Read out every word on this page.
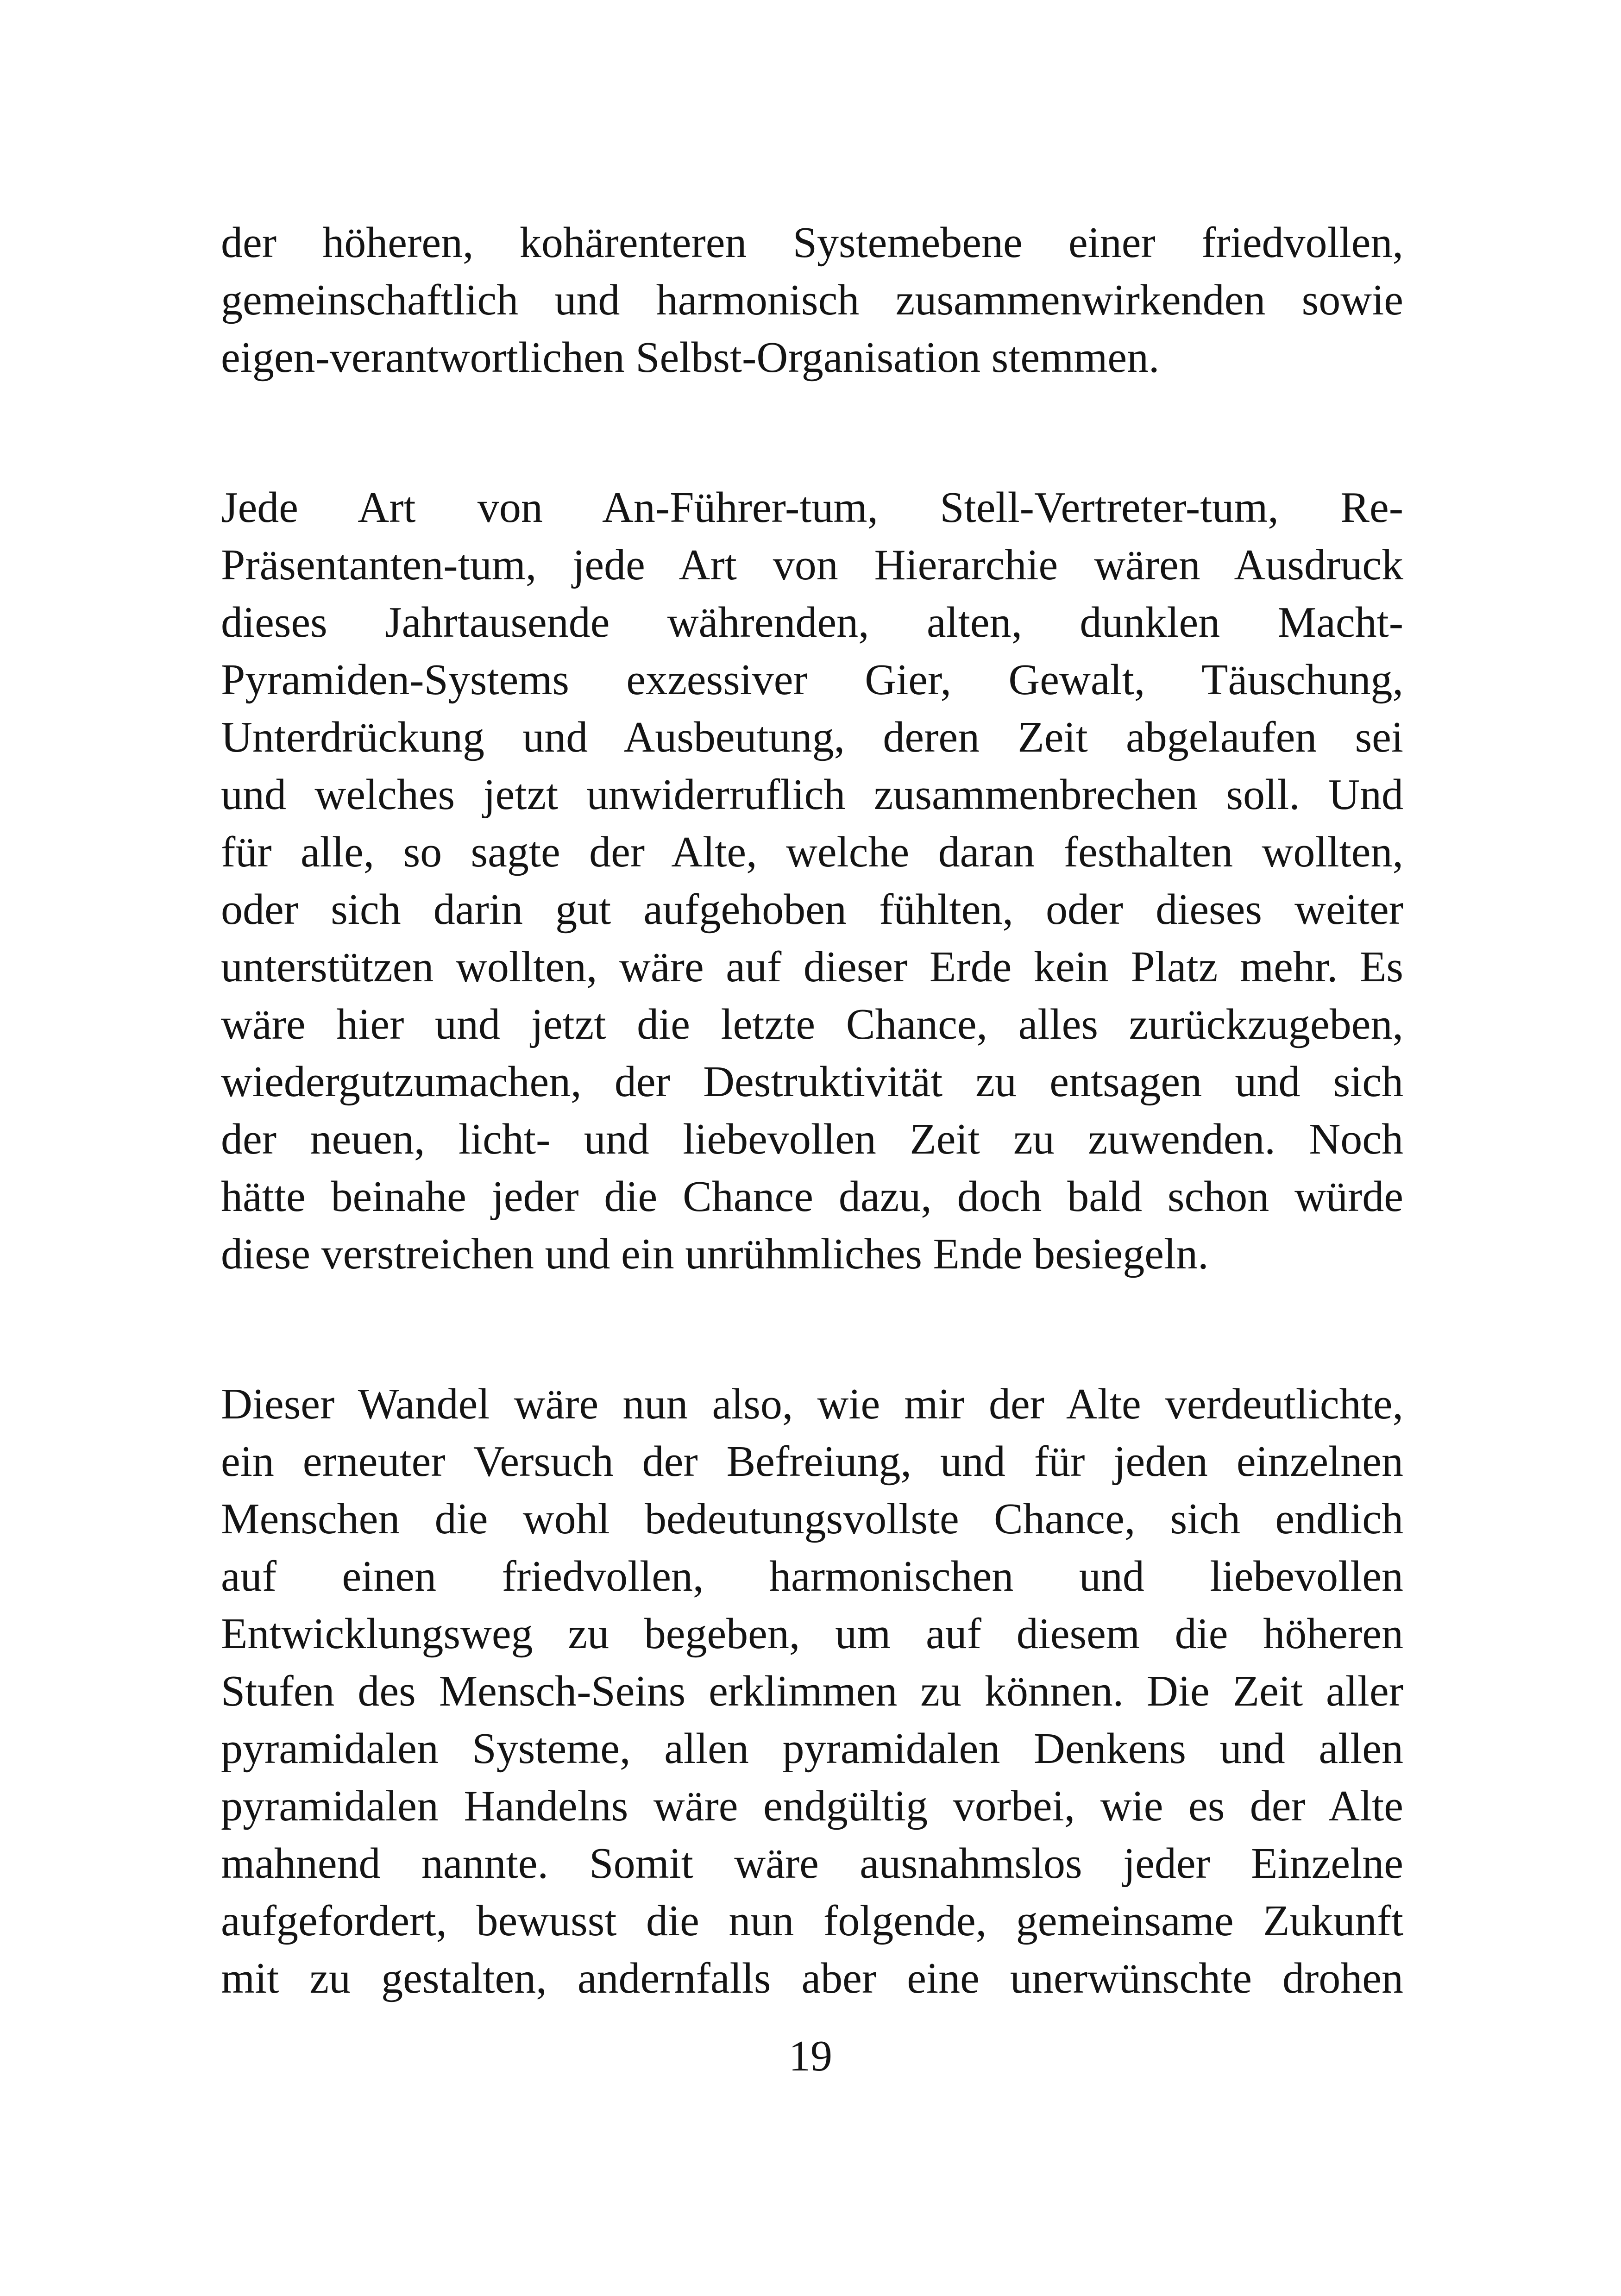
der höheren, kohärenteren Systemebene einer friedvollen,
gemeinschaftlich und harmonisch zusammenwirkenden sowie
eigen-verantwortlichen Selbst-Organisation stemmen.

Jede Art von An-Führer-tum, Stell-Vertreter-tum, Re-
Präsentanten-tum, jede Art von Hierarchie wären Ausdruck
dieses Jahrtausende währenden, alten, dunklen Macht-
Pyramiden-Systems exzessiver Gier, Gewalt, Täuschung,
Unterdrückung und Ausbeutung, deren Zeit abgelaufen sei
und welches jetzt unwiderruflich zusammenbrechen soll. Und
für alle, so sagte der Alte, welche daran festhalten wollten,
oder sich darin gut aufgehoben fühlten, oder dieses weiter
unterstützen wollten, wäre auf dieser Erde kein Platz mehr. Es
wäre hier und jetzt die letzte Chance, alles zurückzugeben,
wiedergutzumachen, der Destruktivität zu entsagen und sich
der neuen, licht- und liebevollen Zeit zu zuwenden. Noch
hätte beinahe jeder die Chance dazu, doch bald schon würde
diese verstreichen und ein unrühmliches Ende besiegeln.

Dieser Wandel wäre nun also, wie mir der Alte verdeutlichte,
ein erneuter Versuch der Befreiung, und für jeden einzelnen
Menschen die wohl bedeutungsvollste Chance, sich endlich
auf einen friedvollen, harmonischen und liebevollen
Entwicklungsweg zu begeben, um auf diesem die höheren
Stufen des Mensch-Seins erklimmen zu können. Die Zeit aller
pyramidalen Systeme, allen pyramidalen Denkens und allen
pyramidalen Handelns wäre endgültig vorbei, wie es der Alte
mahnend nannte. Somit wäre ausnahmslos jeder Einzelne
aufgefordert, bewusst die nun folgende, gemeinsame Zukunft
mit zu gestalten, andernfalls aber eine unerwünschte drohen

19
